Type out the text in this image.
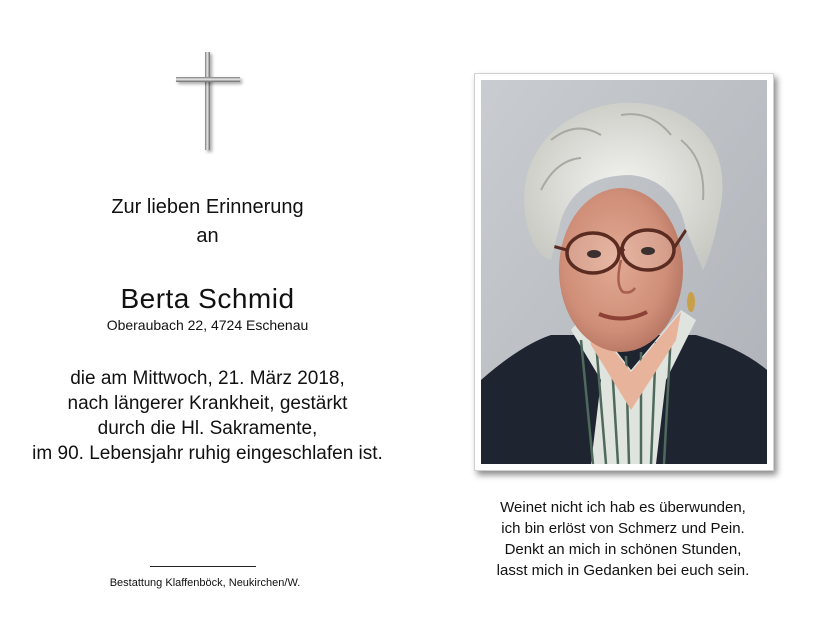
Zur lieben Erinnerung
an
Berta Schmid
Oberaubach 22, 4724 Eschenau
die am Mittwoch, 21. März 2018,
nach längerer Krankheit, gestärkt
durch die Hl. Sakramente,
im 90. Lebensjahr ruhig eingeschlafen ist.
Bestattung Klaffenböck, Neukirchen/W.
Weinet nicht ich hab es überwunden,
ich bin erlöst von Schmerz und Pein.
Denkt an mich in schönen Stunden,
lasst mich in Gedanken bei euch sein.
